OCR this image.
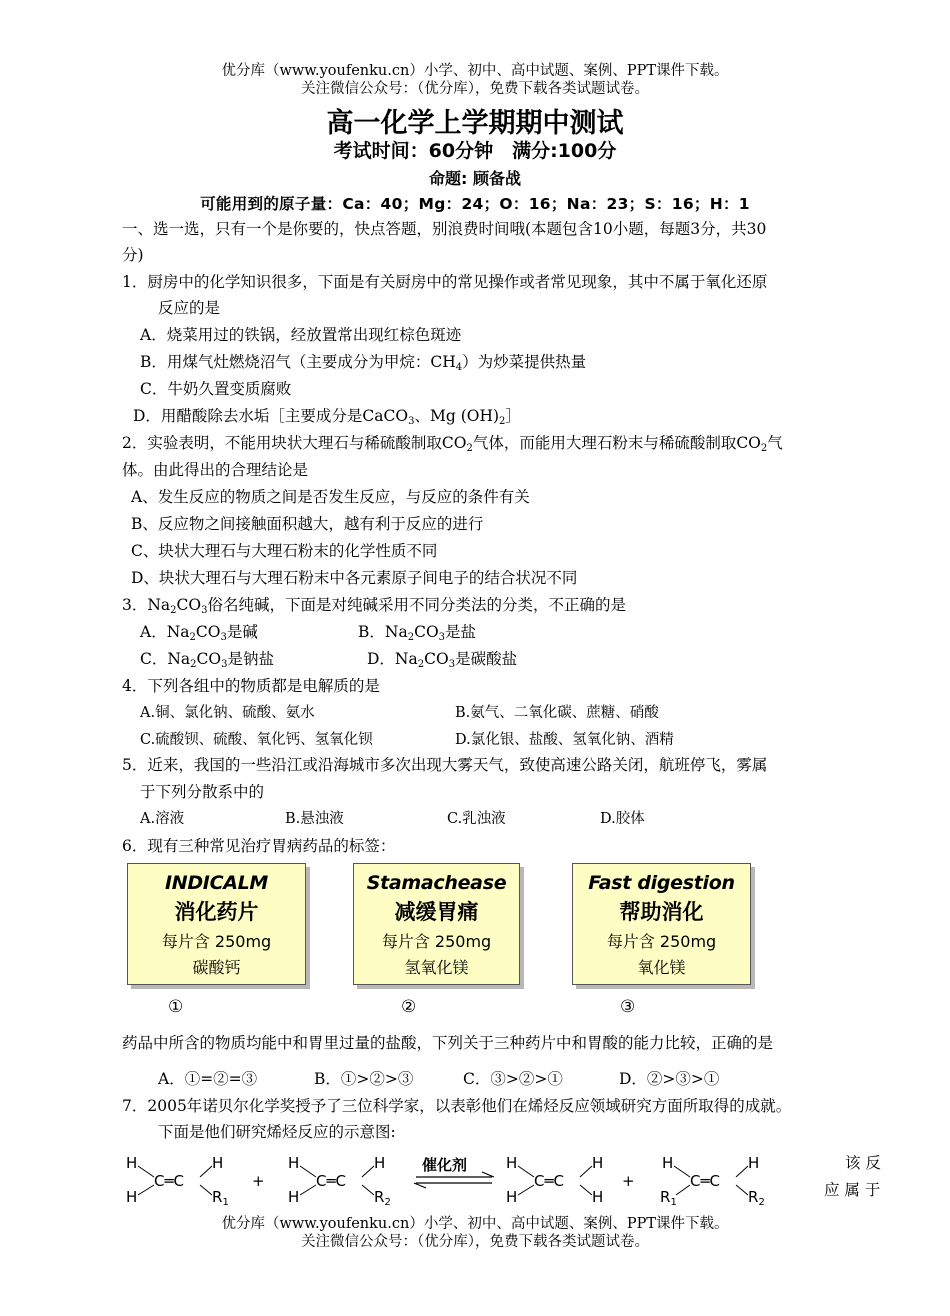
优分库（www.youfenku.cn）小学、初中、高中试题、案例、PPT课件下载。
关注微信公众号：（优分库），免费下载各类试题试卷。
高一化学上学期期中测试
考试时间：60分钟　满分:100分
命题: 顾备战
可能用到的原子量：Ca：40；Mg：24；O：16；Na：23；S：16；H：1
一、选一选，只有一个是你要的，快点答题，别浪费时间哦(本题包含10小题，每题3分，共30
分)
1．厨房中的化学知识很多，下面是有关厨房中的常见操作或者常见现象，其中不属于氧化还原
反应的是
A．烧菜用过的铁锅，经放置常出现红棕色斑迹
B．用煤气灶燃烧沼气（主要成分为甲烷：$CH_4$）为炒菜提供热量
C．牛奶久置变质腐败
D．用醋酸除去水垢［主要成分是CaCO$_3$、Mg $(OH)_2]$
2．实验表明，不能用块状大理石与稀硫酸制取$CO_2$气体，而能用大理石粉末与稀硫酸制取$CO_2$气
体。由此得出的合理结论是
A、发生反应的物质之间是否发生反应，与反应的条件有关
B、反应物之间接触面积越大，越有利于反应的进行
C、块状大理石与大理石粉末的化学性质不同
D、块状大理石与大理石粉末中各元素原子间电子的结合状况不同
3．$Na_2CO_3$俗名纯碱，下面是对纯碱采用不同分类法的分类，不正确的是
A．$Na_2CO_3$是碱	B．$Na_2CO_3$是盐
C．$Na_2CO_3$是钠盐	D．$Na_2CO_3$是碳酸盐
4．下列各组中的物质都是电解质的是
A.铜、氯化钠、硫酸、氨水	B.氨气、二氧化碳、蔗糖、硝酸
C.硫酸钡、硫酸、氧化钙、氢氧化钡	D.氯化银、盐酸、氢氧化钠、酒精
5．近来，我国的一些沿江或沿海城市多次出现大雾天气，致使高速公路关闭，航班停飞，雾属
于下列分散系中的
A.溶液	B.悬浊液	C.乳浊液	D.胶体
6．现有三种常见治疗胃病药品的标签：
INDICALM
消化药片
每片含 250mg
碳酸钙
Stamachease
减缓胃痛
每片含 250mg
氢氧化镁
Fast digestion
帮助消化
每片含 250mg
氧化镁
①	②	③
药品中所含的物质均能中和胃里过量的盐酸，下列关于三种药片中和胃酸的能力比较，正确的是
A．①=②=③	B．①>②>③	C．③>②>①	D．②>③>①
7．2005年诺贝尔化学奖授予了三位科学家，以表彰他们在烯烃反应领域研究方面所取得的成就。
下面是他们研究烯烃反应的示意图:
H
H
C═C
H
$R_1$
+
H
H
C═C
H
$R_2$
催化剂	H
H
C═C
H
H
+
H
$R_1$
C═C
H
$R_2$
该 反
应 属 于
优分库（www.youfenku.cn）小学、初中、高中试题、案例、PPT课件下载。
关注微信公众号：（优分库），免费下载各类试题试卷。
